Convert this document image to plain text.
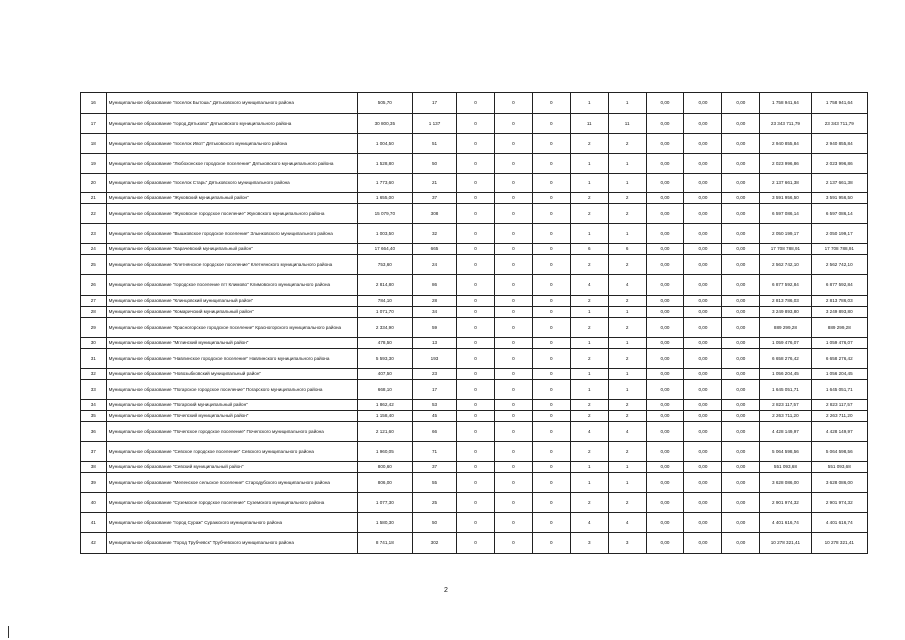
16	Муниципальное образование "поселок Бытошь" Дятьковского муниципального района	505,70	17	0	0	0	1	1	0,00	0,00	0,00	1 758 941,64	1 758 941,64
17	Муниципальное образование "город Дятьково" Дятьковского муниципального района	30 800,35	1 137	0	0	0	11	11	0,00	0,00	0,00	23 343 711,79	23 343 711,79
18	Муниципальное образование "поселок Ивот" Дятьковского муниципального района	1 004,50	51	0	0	0	2	2	0,00	0,00	0,00	2 940 855,84	2 940 855,84
19	Муниципальное образование "Любохонское городское поселение" Дятьковского муниципального района	1 528,80	50	0	0	0	1	1	0,00	0,00	0,00	2 023 996,86	2 023 996,86
20	Муниципальное образование "поселок Старь" Дятьковского муниципального района	1 773,60	21	0	0	0	1	1	0,00	0,00	0,00	2 137 661,38	2 137 661,38
21	Муниципальное образование "Жуковский муниципальный район"	1 655,00	37	0	0	0	2	2	0,00	0,00	0,00	3 591 956,50	3 591 956,50
22	Муниципальное образование "Жуковское городское поселение" Жуковского муниципального района	15 079,70	308	0	0	0	2	2	0,00	0,00	0,00	6 597 086,14	6 597 086,14
23	Муниципальное образование "Вышковское городское поселение" Злынковского муниципального района	1 003,50	32	0	0	0	1	1	0,00	0,00	0,00	2 050 199,17	2 050 199,17
24	Муниципальное образование "Карачевский муниципальный район"	17 664,40	665	0	0	0	6	6	0,00	0,00	0,00	17 708 788,91	17 708 788,91
25	Муниципальное образование "Клетнянское городское поселение" Клетнянского муниципального района	753,60	24	0	0	0	2	2	0,00	0,00	0,00	2 562 742,10	2 562 742,10
26	Муниципальное образование "городское поселение пгт Климово" Климовского муниципального района	2 814,80	86	0	0	0	4	4	0,00	0,00	0,00	6 877 592,84	6 877 592,84
27	Муниципальное образование "Клинцовский муниципальный район"	784,10	28	0	0	0	2	2	0,00	0,00	0,00	2 813 786,03	2 813 786,03
28	Муниципальное образование "Комаричский муниципальный район"	1 071,70	34	0	0	0	1	1	0,00	0,00	0,00	3 249 893,80	3 249 893,80
29	Муниципальное образование "Красногорское городское поселение" Красногорского муниципального района	2 334,90	59	0	0	0	2	2	0,00	0,00	0,00	889 299,28	889 299,28
30	Муниципальное образование "Мглинский муниципальный район"	478,50	13	0	0	0	1	1	0,00	0,00	0,00	1 059 476,07	1 059 476,07
31	Муниципальное образование "Навлинское городское поселение" Навлинского муниципального района	5 593,30	193	0	0	0	2	2	0,00	0,00	0,00	6 658 276,42	6 658 276,42
32	Муниципальное образование "Новозыбковский муниципальный район"	407,50	23	0	0	0	1	1	0,00	0,00	0,00	1 056 204,45	1 056 204,45
33	Муниципальное образование "Погарское городское поселение" Погарского муниципального района	668,10	17	0	0	0	1	1	0,00	0,00	0,00	1 645 051,71	1 645 051,71
34	Муниципальное образование "Погарский муниципальный район"	1 862,42	53	0	0	0	2	2	0,00	0,00	0,00	2 823 117,57	2 823 117,57
35	Муниципальное образование "Почепский муниципальный район"	1 158,40	45	0	0	0	2	2	0,00	0,00	0,00	2 263 711,20	2 263 711,20
36	Муниципальное образование "Почепское городское поселение" Почепского муниципального района	2 121,60	66	0	0	0	4	4	0,00	0,00	0,00	4 428 149,97	4 428 149,97
37	Муниципальное образование "Севское городское поселение" Севского муниципального района	1 960,05	71	0	0	0	2	2	0,00	0,00	0,00	5 064 598,56	5 064 598,56
38	Муниципальное образование "Севский муниципальный район"	800,60	37	0	0	0	1	1	0,00	0,00	0,00	551 093,68	551 093,68
39	Муниципальное образование "Меленское сельское поселение" Стародубского муниципального района	806,00	55	0	0	0	1	1	0,00	0,00	0,00	3 628 086,00	3 628 086,00
40	Муниципальное образование "Суземское городское поселение" Суземского муниципального района	1 077,30	25	0	0	0	2	2	0,00	0,00	0,00	2 901 974,32	2 901 974,32
41	Муниципальное образование "город Сураж" Суражского муниципального района	1 580,30	50	0	0	0	4	4	0,00	0,00	0,00	4 401 616,74	4 401 616,74
42	Муниципальное образование "Город Трубчевск" Трубчевского муниципального района	8 741,18	302	0	0	0	3	3	0,00	0,00	0,00	10 278 321,41	10 278 321,41
2
